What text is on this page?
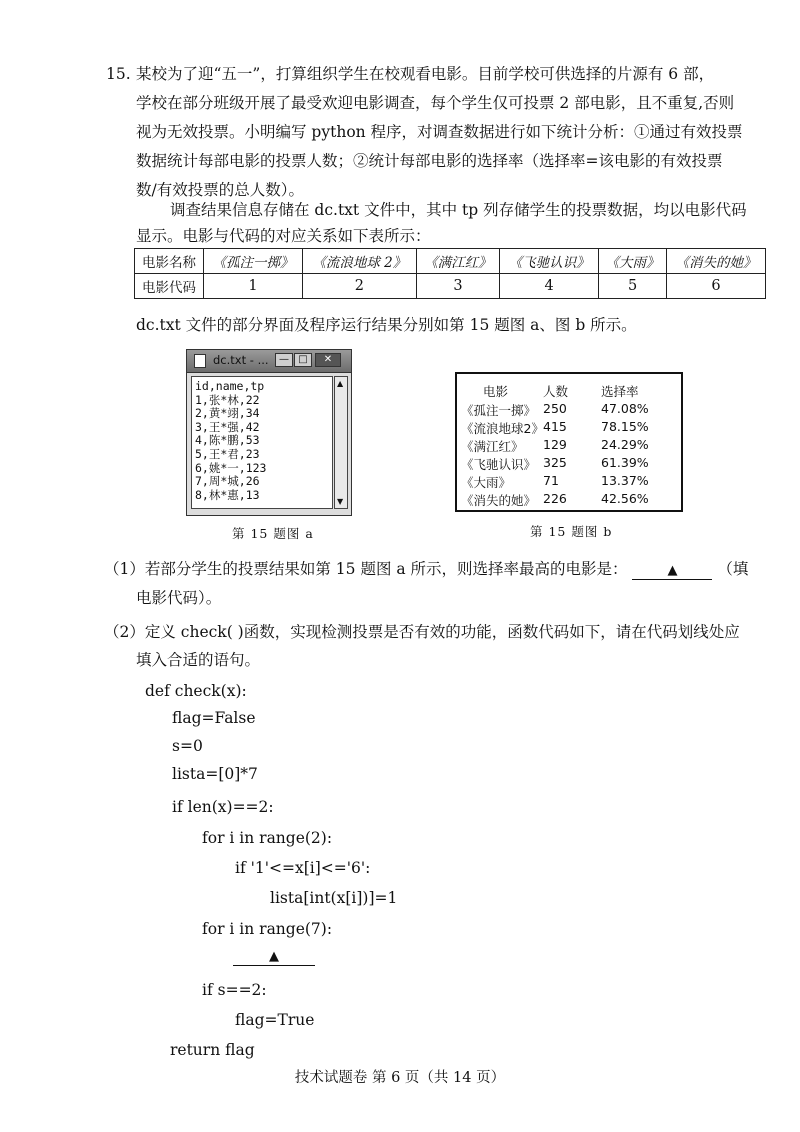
15. 某校为了迎“五一”，打算组织学生在校观看电影。目前学校可供选择的片源有 6 部，
学校在部分班级开展了最受欢迎电影调查，每个学生仅可投票 2 部电影，且不重复,否则
视为无效投票。小明编写 python 程序，对调查数据进行如下统计分析：①通过有效投票
数据统计每部电影的投票人数；②统计每部电影的选择率（选择率=该电影的有效投票
数/有效投票的总人数）。
调查结果信息存储在 dc.txt 文件中，其中 tp 列存储学生的投票数据，均以电影代码
显示。电影与代码的对应关系如下表所示：
电影名称	《孤注一掷》	《流浪地球 2》	《满江红》	《飞驰认识》	《大雨》	《消失的她》
电影代码	1	2	3	4	5	6
dc.txt 文件的部分界面及程序运行结果分别如第 15 题图 a、图 b 所示。
dc.txt - ...	— □	✕
id,name,tp
1,张*林,22
2,黄*翊,34
3,王*强,42
4,陈*鹏,53
5,王*君,23
6,姚*一,123
7,周*城,26
8,林*惠,13
▲
▼
第 15 题图 a
电影	人数	选择率
《孤注一掷》 250	47.08%
《流浪地球2》 415	78.15%
《满江红》 129	24.29%
《飞驰认识》 325	61.39%
《大雨》	71	13.37%
《消失的她》 226	42.56%
第 15 题图 b
（1）若部分学生的投票结果如第 15 题图 a 所示，则选择率最高的电影是：	▲	（填
电影代码）。
（2）定义 check( )函数，实现检测投票是否有效的功能，函数代码如下，请在代码划线处应
填入合适的语句。
def check(x):
flag=False
s=0
lista=[0]*7
if len(x)==2:
for i in range(2):
if '1'<=x[i]<='6':
lista[int(x[i])]=1
for i in range(7):
▲
if s==2:
flag=True
return flag
技术试题卷 第 6 页（共 14 页）
